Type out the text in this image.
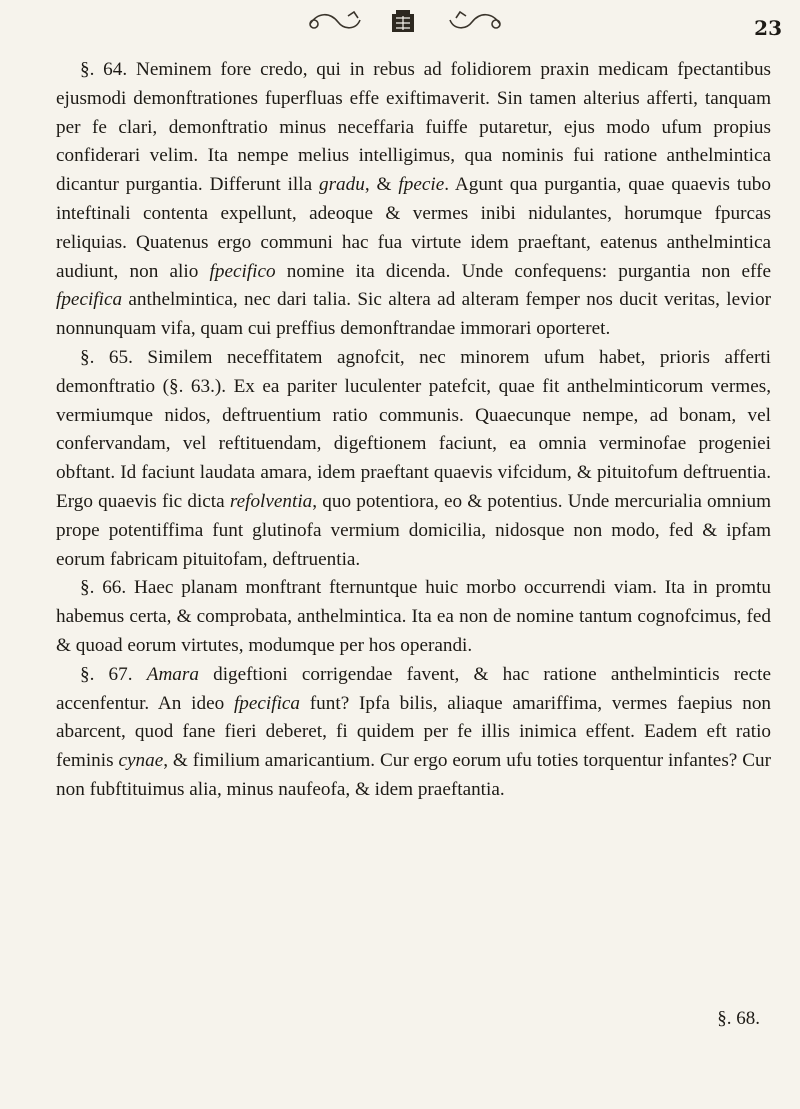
23

§. 64. Neminem fore credo, qui in rebus ad folidiorem praxin medicam fpectantibus ejusmodi demonftrationes fuperfluas effe exiftimaverit. Sin tamen alterius afferti, tanquam per fe clari, demonftratio minus neceffaria fuiffe putaretur, ejus modo ufum propius confiderari velim. Ita nempe melius intelligimus, qua nominis fui ratione anthelmintica dicantur purgantia. Differunt illa gradu, & fpecie. Agunt qua purgantia, quae quaevis tubo inteftinali contenta expellunt, adeoque & vermes inibi nidulantes, horumque fpurcas reliquias. Quatenus ergo communi hac fua virtute idem praeftant, eatenus anthelmintica audiunt, non alio fpecifico nomine ita dicenda. Unde confequens: purgantia non effe fpecifica anthelmintica, nec dari talia. Sic altera ad alteram femper nos ducit veritas, levior nonnunquam vifa, quam cui preffius demonftrandae immorari oporteret.

§. 65. Similem neceffitatem agnofcit, nec minorem ufum habet, prioris afferti demonftratio (§. 63.). Ex ea pariter luculenter patefcit, quae fit anthelminticorum vermes, vermiumque nidos, deftruentium ratio communis. Quaecunque nempe, ad bonam, vel confervandam, vel reftituendam, digeftionem faciunt, ea omnia verminofae progeniei obftant. Id faciunt laudata amara, idem praeftant quaevis vifcidum, & pituitofum deftruentia. Ergo quaevis fic dicta refolventia, quo potentiora, eo & potentius. Unde mercurialia omnium prope potentiffima funt glutinofa vermium domicilia, nidosque non modo, fed & ipfam eorum fabricam pituitofam, deftruentia.

§. 66. Haec planam monftrant fternuntque huic morbo occurrendi viam. Ita in promtu habemus certa, & comprobata, anthelmintica. Ita ea non de nomine tantum cognofcimus, fed & quoad eorum virtutes, modumque per hos operandi.

§. 67. Amara digeftioni corrigendae favent, & hac ratione anthelminticis recte accenfentur. An ideo fpecifica funt? Ipfa bilis, aliaque amariffima, vermes faepius non abarcent, quod fane fieri deberet, fi quidem per fe illis inimica effent. Eadem eft ratio feminis cynae, & fimilium amaricantium. Cur ergo eorum ufu toties torquentur infantes? Cur non fubftituimus alia, minus naufeofa, & idem praeftantia.

§. 68.
